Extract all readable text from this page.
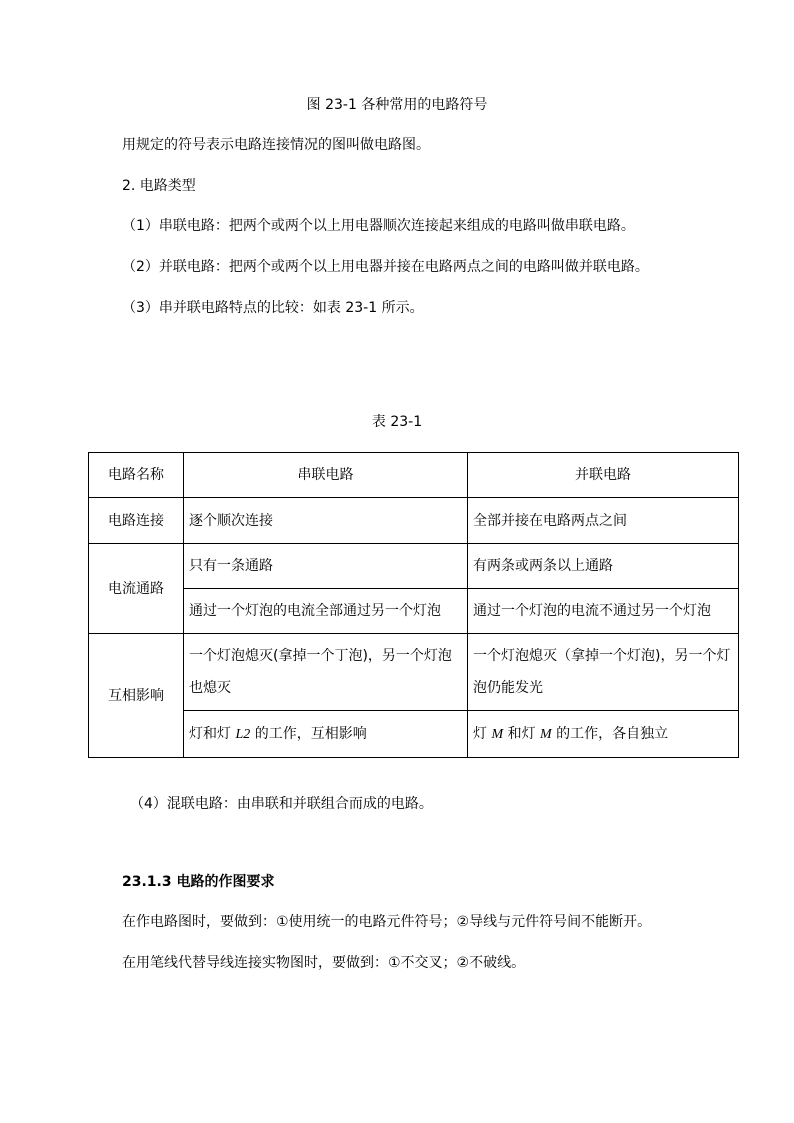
图 23-1 各种常用的电路符号
用规定的符号表示电路连接情况的图叫做电路图。
2. 电路类型
（1）串联电路：把两个或两个以上用电器顺次连接起来组成的电路叫做串联电路。
（2）并联电路：把两个或两个以上用电器并接在电路两点之间的电路叫做并联电路。
（3）串并联电路特点的比较：如表 23-1 所示。
表 23-1
电路名称	串联电路	并联电路
电路连接	逐个顺次连接	全部并接在电路两点之间
电流通路	只有一条通路	有两条或两条以上通路
	通过一个灯泡的电流全部通过另一个灯泡	通过一个灯泡的电流不通过另一个灯泡
互相影响	一个灯泡熄灭(拿掉一个丁泡)，另一个灯泡也熄灭	一个灯泡熄灭（拿掉一个灯泡)，另一个灯 泡仍能发光
	灯和灯 L2 的工作，互相影响	灯 M 和灯 M 的工作，各自独立
（4）混联电路：由串联和并联组合而成的电路。
23.1.3 电路的作图要求
在作电路图时，要做到：①使用统一的电路元件符号；②导线与元件符号间不能断开。
在用笔线代替导线连接实物图时，要做到：①不交叉；②不破线。
